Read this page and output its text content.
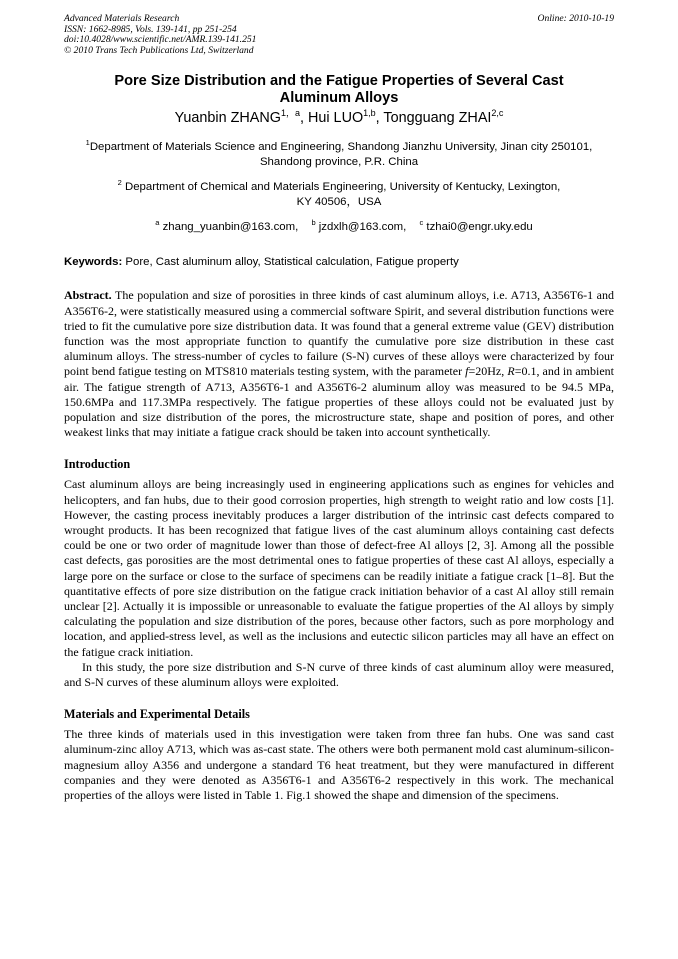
Advanced Materials Research
ISSN: 1662-8985, Vols. 139-141, pp 251-254
doi:10.4028/www.scientific.net/AMR.139-141.251
© 2010 Trans Tech Publications Ltd, Switzerland
Online: 2010-10-19
Pore Size Distribution and the Fatigue Properties of Several Cast Aluminum Alloys
Yuanbin $ZHANG^{1,a}$, Hui LUO$^{1,b}$, Tongguang ZHAI$^{2,c}$
$^1$Department of Materials Science and Engineering, Shandong Jianzhu University, Jinan city 250101, Shandong province, P.R. China
$^2$ Department of Chemical and Materials Engineering, University of Kentucky, Lexington, KY 40506，USA
$^a$ zhang_yuanbin@163.com, $^b$ jzdxlh@163.com, $^c$ tzhai0@engr.uky.edu
Keywords: Pore, Cast aluminum alloy, Statistical calculation, Fatigue property

Abstract. The population and size of porosities in three kinds of cast aluminum alloys, i.e. A713, A356T6-1 and A356T6-2, were statistically measured using a commercial software Spirit, and several distribution functions were tried to fit the cumulative pore size distribution data. It was found that a general extreme value (GEV) distribution function was the most appropriate function to quantify the cumulative pore size distribution in these cast aluminum alloys. The stress-number of cycles to failure (S-N) curves of these alloys were characterized by four point bend fatigue testing on MTS810 materials testing system, with the parameter f=20Hz, R=0.1, and in ambient air. The fatigue strength of A713, A356T6-1 and A356T6-2 aluminum alloy was measured to be 94.5 MPa, 150.6MPa and 117.3MPa respectively. The fatigue properties of these alloys could not be evaluated just by population and size distribution of the pores, the microstructure state, shape and position of pores, and other weakest links that may initiate a fatigue crack should be taken into account synthetically.

Introduction

Cast aluminum alloys are being increasingly used in engineering applications such as engines for vehicles and helicopters, and fan hubs, due to their good corrosion properties, high strength to weight ratio and low costs [1]. However, the casting process inevitably produces a larger distribution of the intrinsic cast defects compared to wrought products. It has been recognized that fatigue lives of the cast aluminum alloys containing cast defects could be one or two order of magnitude lower than those of defect-free Al alloys [2, 3]. Among all the possible cast defects, gas porosities are the most detrimental ones to fatigue properties of these cast Al alloys, especially a large pore on the surface or close to the surface of specimens can be readily initiate a fatigue crack [1–8]. But the quantitative effects of pore size distribution on the fatigue crack initiation behavior of a cast Al alloy still remain unclear [2]. Actually it is impossible or unreasonable to evaluate the fatigue properties of the Al alloys by simply calculating the population and size distribution of the pores, because other factors, such as pore morphology and location, and applied-stress level, as well as the inclusions and eutectic silicon particles may all have an effect on the fatigue crack initiation.

In this study, the pore size distribution and S-N curve of three kinds of cast aluminum alloy were measured, and S-N curves of these aluminum alloys were exploited.

Materials and Experimental Details

The three kinds of materials used in this investigation were taken from three fan hubs. One was sand cast aluminum-zinc alloy A713, which was as-cast state. The others were both permanent mold cast aluminum-silicon-magnesium alloy A356 and undergone a standard T6 heat treatment, but they were manufactured in different companies and they were denoted as A356T6-1 and A356T6-2 respectively in this work. The mechanical properties of the alloys were listed in Table 1. Fig.1 showed the shape and dimension of the specimens.
